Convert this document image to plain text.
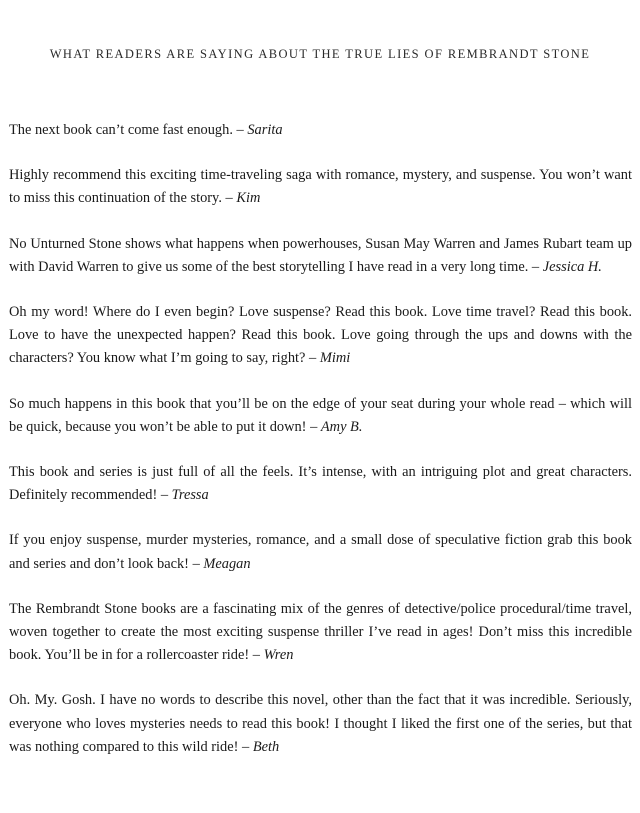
WHAT READERS ARE SAYING ABOUT THE TRUE LIES OF REMBRANDT STONE

The next book can’t come fast enough. – Sarita

Highly recommend this exciting time-traveling saga with romance, mystery, and suspense. You won’t want to miss this continuation of the story. – Kim

No Unturned Stone shows what happens when powerhouses, Susan May Warren and James Rubart team up with David Warren to give us some of the best storytelling I have read in a very long time. – Jessica H.

Oh my word! Where do I even begin? Love suspense? Read this book. Love time travel? Read this book. Love to have the unexpected happen? Read this book. Love going through the ups and downs with the characters? You know what I’m going to say, right? – Mimi

So much happens in this book that you’ll be on the edge of your seat during your whole read – which will be quick, because you won’t be able to put it down! – Amy B.

This book and series is just full of all the feels. It’s intense, with an intriguing plot and great characters. Definitely recommended! – Tressa

If you enjoy suspense, murder mysteries, romance, and a small dose of speculative fiction grab this book and series and don’t look back! – Meagan

The Rembrandt Stone books are a fascinating mix of the genres of detective/police procedural/time travel, woven together to create the most exciting suspense thriller I’ve read in ages! Don’t miss this incredible book. You’ll be in for a rollercoaster ride! – Wren

Oh. My. Gosh. I have no words to describe this novel, other than the fact that it was incredible. Seriously, everyone who loves mysteries needs to read this book! I thought I liked the first one of the series, but that was nothing compared to this wild ride! – Beth
